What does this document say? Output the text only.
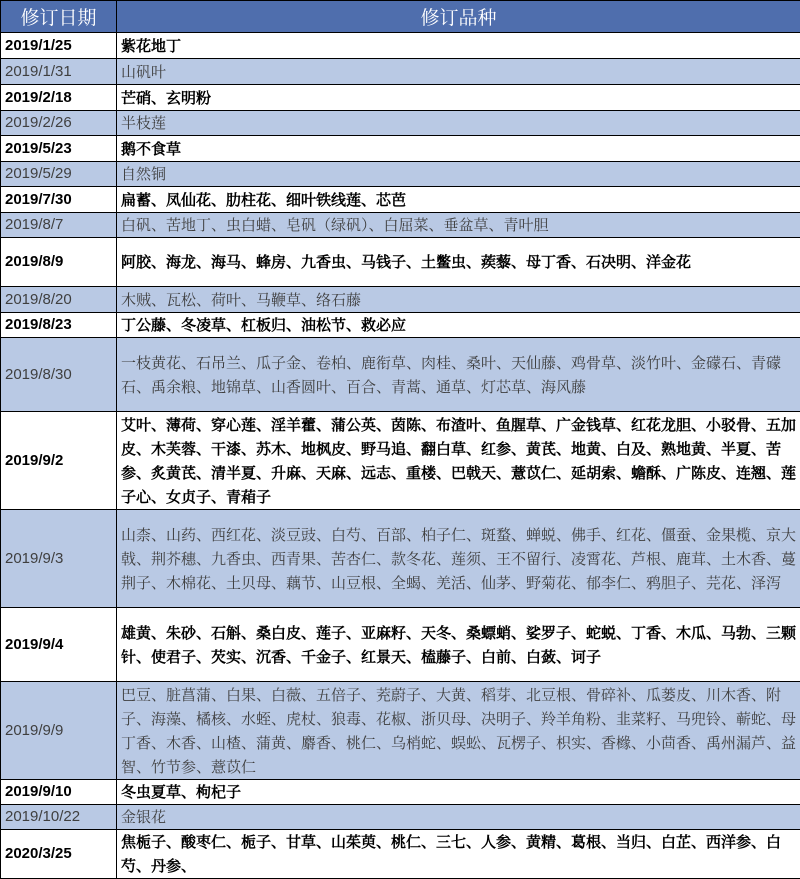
修订日期	修订品种
2019/1/25	紫花地丁
2019/1/31	山矾叶
2019/2/18	芒硝、玄明粉
2019/2/26	半枝莲
2019/5/23	鹅不食草
2019/5/29	自然铜
2019/7/30	扁蓄、凤仙花、肋柱花、细叶铁线莲、芯芭
2019/8/7	白矾、苦地丁、虫白蜡、皂矾（绿矾）、白屈菜、垂盆草、青叶胆
2019/8/9	阿胶、海龙、海马、蜂房、九香虫、马钱子、土鳖虫、蒺藜、母丁香、石决明、洋金花
2019/8/20	木贼、瓦松、荷叶、马鞭草、络石藤
2019/8/23	丁公藤、冬凌草、杠板归、油松节、救必应
2019/8/30	一枝黄花、石吊兰、瓜子金、卷柏、鹿衔草、肉桂、桑叶、天仙藤、鸡骨草、淡竹叶、金礞石、青礞石、禹余粮、地锦草、山香圆叶、百合、青蒿、通草、灯芯草、海风藤
2019/9/2	艾叶、薄荷、穿心莲、淫羊藿、蒲公英、茵陈、布渣叶、鱼腥草、广金钱草、红花龙胆、小驳骨、五加皮、木芙蓉、干漆、苏木、地枫皮、野马追、翻白草、红参、黄芪、地黄、白及、熟地黄、半夏、苦参、炙黄芪、清半夏、升麻、天麻、远志、重楼、巴戟天、薏苡仁、延胡索、蟾酥、广陈皮、连翘、莲子心、女贞子、青葙子
2019/9/3	山柰、山药、西红花、淡豆豉、白芍、百部、柏子仁、斑蝥、蝉蜕、佛手、红花、僵蚕、金果榄、京大戟、荆芥穗、九香虫、西青果、苦杏仁、款冬花、莲须、王不留行、凌霄花、芦根、鹿茸、土木香、蔓荆子、木棉花、土贝母、藕节、山豆根、全蝎、羌活、仙茅、野菊花、郁李仁、鸦胆子、芫花、泽泻
2019/9/4	雄黄、朱砂、石斛、桑白皮、莲子、亚麻籽、天冬、桑螵蛸、娑罗子、蛇蜕、丁香、木瓜、马勃、三颗针、使君子、芡实、沉香、千金子、红景天、榼藤子、白前、白蔹、诃子
2019/9/9	巴豆、脏菖蒲、白果、白薇、五倍子、茺蔚子、大黄、稻芽、北豆根、骨碎补、瓜蒌皮、川木香、附子、海藻、橘核、水蛭、虎杖、狼毒、花椒、浙贝母、决明子、羚羊角粉、韭菜籽、马兜铃、蕲蛇、母丁香、木香、山楂、蒲黄、麝香、桃仁、乌梢蛇、蜈蚣、瓦楞子、枳实、香橼、小茴香、禹州漏芦、益智、竹节参、薏苡仁
2019/9/10	冬虫夏草、枸杞子
2019/10/22	金银花
2020/3/25	焦栀子、酸枣仁、栀子、甘草、山茱萸、桃仁、三七、人参、黄精、葛根、当归、白芷、西洋参、白芍、丹参、
